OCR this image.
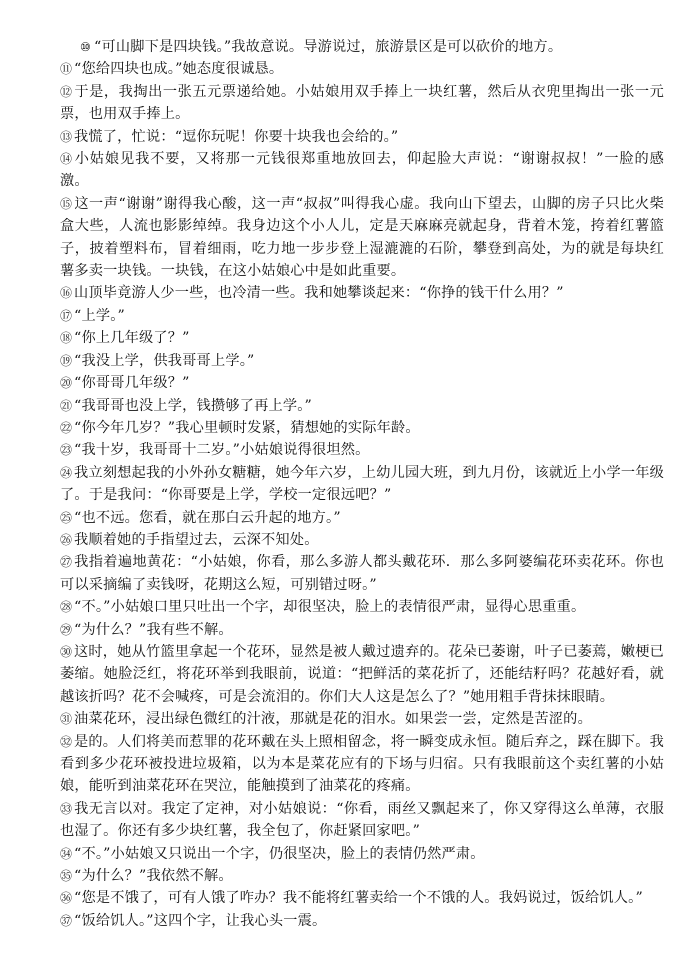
⑩ “可山脚下是四块钱。”我故意说。导游说过，旅游景区是可以砍价的地方。

⑪ “您给四块也成。”她态度很诚恳。

⑫ 于是，我掏出一张五元票递给她。小姑娘用双手捧上一块红薯，然后从衣兜里掏出一张一元票，也用双手捧上。

⑬ 我慌了，忙说：“逗你玩呢！你要十块我也会给的。”

⑭ 小姑娘见我不要，又将那一元钱很郑重地放回去，仰起脸大声说：“谢谢叔叔！”一脸的感激。

⑮ 这一声“谢谢”谢得我心酸，这一声“叔叔”叫得我心虚。我向山下望去，山脚的房子只比火柴盒大些，人流也影影绰绰。我身边这个小人儿，定是天麻麻亮就起身，背着木笼，挎着红薯篮子，披着塑料布，冒着细雨，吃力地一步步登上湿漉漉的石阶，攀登到高处，为的就是每块红薯多卖一块钱。一块钱，在这小姑娘心中是如此重要。

⑯ 山顶毕竟游人少一些，也冷清一些。我和她攀谈起来：“你挣的钱干什么用？”

⑰ “上学。”

⑱ “你上几年级了？”

⑲ “我没上学，供我哥哥上学。”

⑳ “你哥哥几年级？”

㉑ “我哥哥也没上学，钱攒够了再上学。”

㉒ “你今年几岁？”我心里顿时发紧，猜想她的实际年龄。

㉓ “我十岁，我哥哥十二岁。”小姑娘说得很坦然。

㉔ 我立刻想起我的小外孙女糖糖，她今年六岁，上幼儿园大班，到九月份，该就近上小学一年级了。于是我问：“你哥要是上学，学校一定很远吧？”

㉕ “也不远。您看，就在那白云升起的地方。”

㉖ 我顺着她的手指望过去，云深不知处。

㉗ 我指着遍地黄花：“小姑娘，你看，那么多游人都头戴花环．那么多阿婆编花环卖花环。你也可以采摘编了卖钱呀，花期这么短，可别错过呀。”

㉘ “不。”小姑娘口里只吐出一个字，却很坚决，脸上的表情很严肃，显得心思重重。

㉙ “为什么？”我有些不解。

㉚ 这时，她从竹篮里拿起一个花环，显然是被人戴过遗弃的。花朵已萎谢，叶子已萎蔫，嫩梗已萎缩。她脸泛红，将花环举到我眼前，说道：“把鲜活的菜花折了，还能结籽吗？花越好看，就越该折吗？花不会喊疼，可是会流泪的。你们大人这是怎么了？”她用粗手背抹抹眼睛。

㉛ 油菜花环，浸出绿色微红的汁液，那就是花的泪水。如果尝一尝，定然是苦涩的。

㉜ 是的。人们将美而惹罪的花环戴在头上照相留念，将一瞬变成永恒。随后弃之，踩在脚下。我看到多少花环被投进垃圾箱，以为本是菜花应有的下场与归宿。只有我眼前这个卖红薯的小姑娘，能听到油菜花环在哭泣，能触摸到了油菜花的疼痛。

㉝ 我无言以对。我定了定神，对小姑娘说：“你看，雨丝又飘起来了，你又穿得这么单薄，衣服也湿了。你还有多少块红薯，我全包了，你赶紧回家吧。”

㉞ “不。”小姑娘又只说出一个字，仍很坚决，脸上的表情仍然严肃。

㉟ “为什么？”我依然不解。

㊱ “您是不饿了，可有人饿了咋办？我不能将红薯卖给一个不饿的人。我妈说过，饭给饥人。”

㊲ “饭给饥人。”这四个字，让我心头一震。
